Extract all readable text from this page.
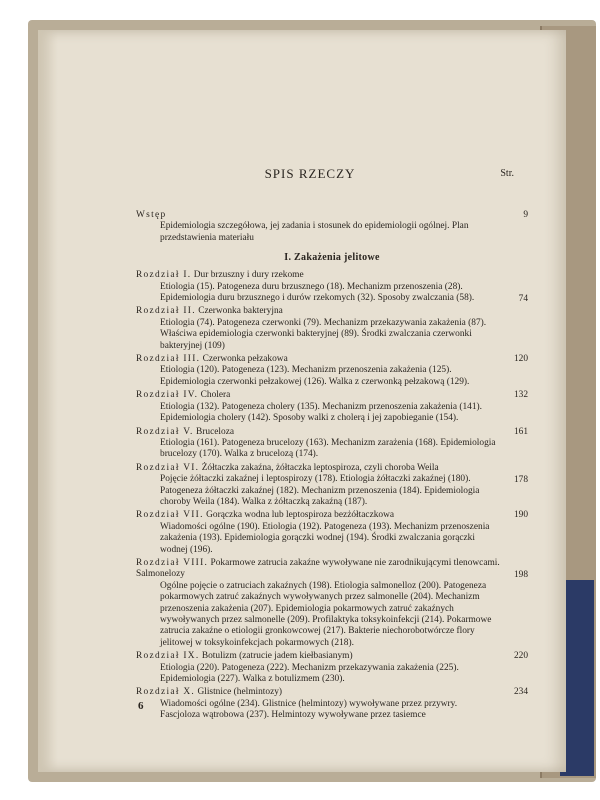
SPIS RZECZY	Str.
Wstęp
Epidemiologia szczegółowa, jej zadania i stosunek do epidemiologii ogólnej. Plan przedstawienia materiału
9
I. Zakażenia jelitowe
Rozdział I. Dur brzuszny i dury rzekome
Etiologia (15). Patogeneza duru brzusznego (18). Mechanizm przenoszenia (28). Epidemiologia duru brzusznego i durów rzekomych (32). Sposoby zwalczania (58).	74
Rozdział II. Czerwonka bakteryjna
Etiologia (74). Patogeneza czerwonki (79). Mechanizm przekazywania zakażenia (87). Właściwa epidemiologia czerwonki bakteryjnej (89). Środki zwalczania czerwonki bakteryjnej (109)
120
Rozdział III. Czerwonka pełzakowa
Etiologia (120). Patogeneza (123). Mechanizm przenoszenia zakażenia (125). Epidemiologia czerwonki pełzakowej (126). Walka z czerwonką pełzakową (129).
132
Rozdział IV. Cholera
Etiologia (132). Patogeneza cholery (135). Mechanizm przenoszenia zakażenia (141). Epidemiologia cholery (142). Sposoby walki z cholerą i jej zapobieganie (154).
161
Rozdział V. Bruceloza
Etiologia (161). Patogeneza brucelozy (163). Mechanizm zarażenia (168). Epidemiologia brucelozy (170). Walka z brucelozą (174).
178
Rozdział VI. Żółtaczka zakaźna, żółtaczka leptospiroza, czyli choroba Weila
Pojęcie żółtaczki zakaźnej i leptospirozy (178). Etiologia żółtaczki zakaźnej (180). Patogeneza żółtaczki zakaźnej (182). Mechanizm przenoszenia (184). Epidemiologia choroby Weila (184). Walka z żółtaczką zakaźną (187).
190
Rozdział VII. Gorączka wodna lub leptospiroza bezżółtaczkowa
Wiadomości ogólne (190). Etiologia (192). Patogeneza (193). Mechanizm przenoszenia zakażenia (193). Epidemiologia gorączki wodnej (194). Środki zwalczania gorączki wodnej (196).
198
Rozdział VIII. Pokarmowe zatrucia zakaźne wywoływane nie zarodnikującymi tlenowcami. Salmonelozy
Ogólne pojęcie o zatruciach zakaźnych (198). Etiologia salmonelloz (200). Patogeneza pokarmowych zatruć zakaźnych wywoływanych przez salmonelle (204). Mechanizm przenoszenia zakażenia (207). Epidemiologia pokarmowych zatruć zakaźnych wywoływanych przez salmonelle (209). Profilaktyka toksykoinfekcji (214). Pokarmowe zatrucia zakaźne o etiologii gronkowcowej (217). Bakterie niechorobotwórcze flory jelitowej w toksykoinfekcjach pokarmowych (218).
220
Rozdział IX. Botulizm (zatrucie jadem kiełbasianym)
Etiologia (220). Patogeneza (222). Mechanizm przekazywania zakażenia (225). Epidemiologia (227). Walka z botulizmem (230).
234
Rozdział X. Glistnice (helmintozy)
Wiadomości ogólne (234). Glistnice (helmintozy) wywoływane przez przywry. Fascjoloza wątrobowa (237). Helmintozy wywoływane przez tasiemce
6
